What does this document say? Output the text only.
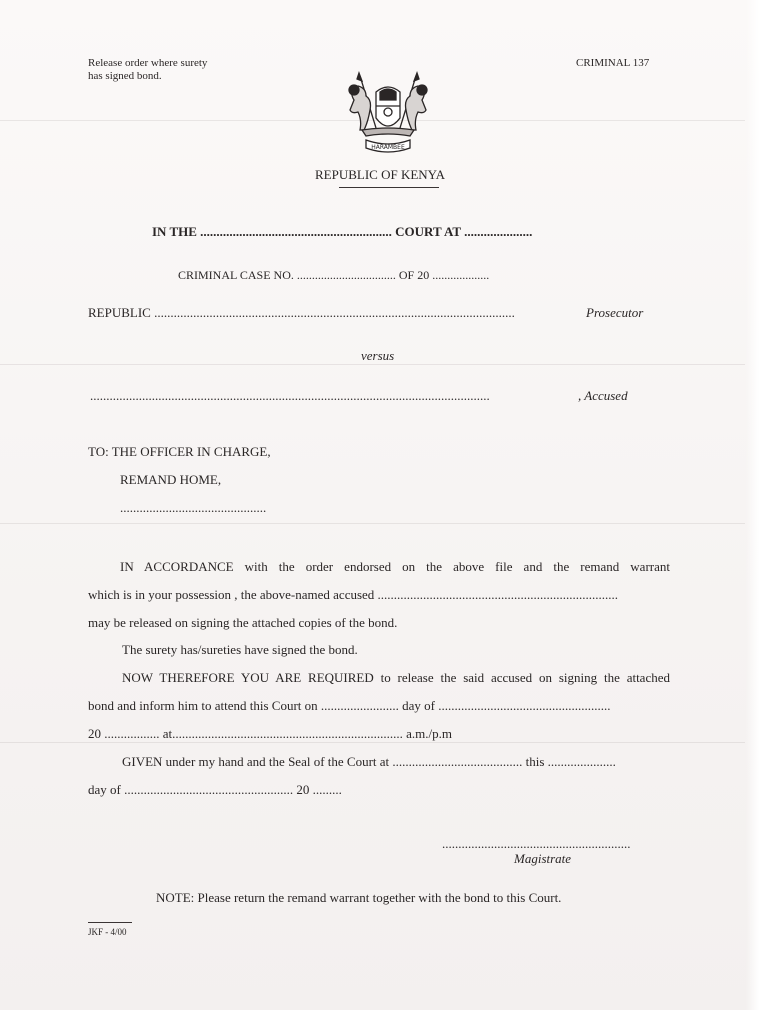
Release order where surety
has signed bond.
CRIMINAL 137
HARAMBEE
REPUBLIC OF KENYA
IN THE ........................................................... COURT AT .....................
CRIMINAL CASE NO. ................................. OF 20 ...................
REPUBLIC ...............................................................................................................	Prosecutor
versus
...........................................................................................................................	, Accused
TO: THE OFFICER IN CHARGE,
REMAND HOME,
.............................................
IN ACCORDANCE with the order endorsed on the above file and the remand warrant
which is in your possession , the above-named accused ..........................................................................
may be released on signing the attached copies of the bond.
The surety has/sureties have signed the bond.
NOW THEREFORE YOU ARE REQUIRED to release the said accused on signing the attached
bond and inform him to attend this Court on ........................ day of .....................................................
20 ................. at....................................................................... a.m./p.m
GIVEN under my hand and the Seal of the Court at ........................................ this .....................
day of .................................................... 20 .........
..........................................................
Magistrate
NOTE: Please return the remand warrant together with the bond to this Court.
JKF - 4/00
